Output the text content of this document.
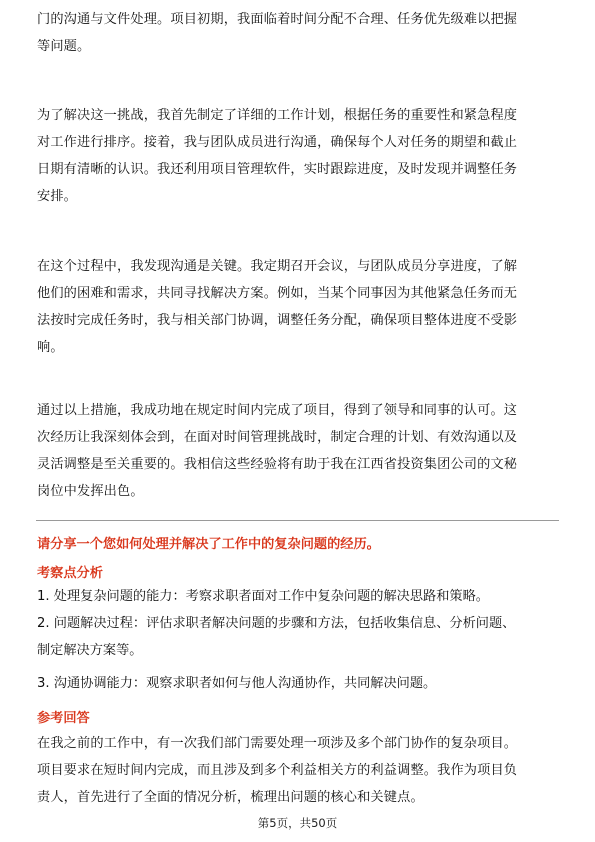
门的沟通与文件处理。项目初期，我面临着时间分配不合理、任务优先级难以把握
等问题。
为了解决这一挑战，我首先制定了详细的工作计划，根据任务的重要性和紧急程度
对工作进行排序。接着，我与团队成员进行沟通，确保每个人对任务的期望和截止
日期有清晰的认识。我还利用项目管理软件，实时跟踪进度，及时发现并调整任务
安排。
在这个过程中，我发现沟通是关键。我定期召开会议，与团队成员分享进度，了解
他们的困难和需求，共同寻找解决方案。例如，当某个同事因为其他紧急任务而无
法按时完成任务时，我与相关部门协调，调整任务分配，确保项目整体进度不受影
响。
通过以上措施，我成功地在规定时间内完成了项目，得到了领导和同事的认可。这
次经历让我深刻体会到，在面对时间管理挑战时，制定合理的计划、有效沟通以及
灵活调整是至关重要的。我相信这些经验将有助于我在江西省投资集团公司的文秘
岗位中发挥出色。
请分享一个您如何处理并解决了工作中的复杂问题的经历。
考察点分析
1. 处理复杂问题的能力：考察求职者面对工作中复杂问题的解决思路和策略。
2. 问题解决过程：评估求职者解决问题的步骤和方法，包括收集信息、分析问题、
制定解决方案等。
3. 沟通协调能力：观察求职者如何与他人沟通协作，共同解决问题。
参考回答
在我之前的工作中，有一次我们部门需要处理一项涉及多个部门协作的复杂项目。
项目要求在短时间内完成，而且涉及到多个利益相关方的利益调整。我作为项目负
责人，首先进行了全面的情况分析，梳理出问题的核心和关键点。
第5页，共50页
